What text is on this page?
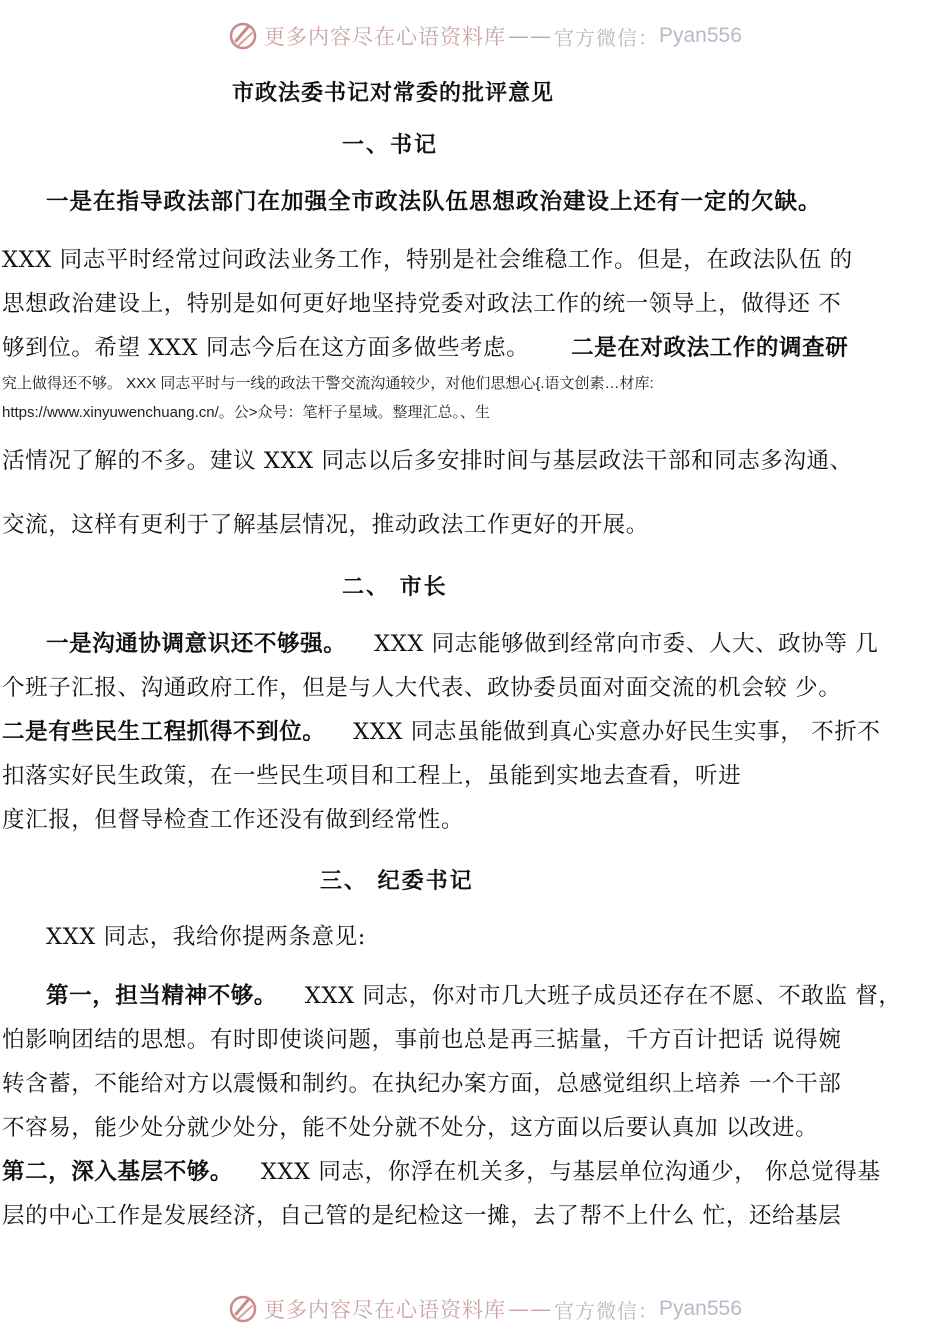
更多内容尽在心语资料库 —— 官方微信： Pyan556
市政法委书记对常委的批评意见
一、书记
一是在指导政法部门在加强全市政法队伍思想政治建设上还有一定的欠缺。
XXX 同志平时经常过问政法业务工作，特别是社会维稳工作。但是，在政法队伍 的
思想政治建设上，特别是如何更好地坚持党委对政法工作的统一领导上，做得还 不
够到位。希望 XXX 同志今后在这方面多做些考虑。 二是在对政法工作的调查研
究上做得还不够。 XXX 同志平时与一线的政法干警交流沟通较少，对他们思想心{.语文创素…材库:
https://www.xinyuwenchuang.cn/。公>众号：笔杆子星域。整理汇总。、生
活情况了解的不多。建议 XXX 同志以后多安排时间与基层政法干部和同志多沟通、
交流，这样有更利于了解基层情况，推动政法工作更好的开展。
二、 市长
一是沟通协调意识还不够强。 XXX 同志能够做到经常向市委、人大、政协等 几
个班子汇报、沟通政府工作，但是与人大代表、政协委员面对面交流的机会较 少。
二是有些民生工程抓得不到位。 XXX 同志虽能做到真心实意办好民生实事， 不折不
扣落实好民生政策，在一些民生项目和工程上，虽能到实地去查看，听进
度汇报，但督导检查工作还没有做到经常性。
三、 纪委书记
XXX 同志，我给你提两条意见:
第一，担当精神不够。 XXX 同志，你对市几大班子成员还存在不愿、不敢监 督，
怕影响团结的思想。有时即使谈问题，事前也总是再三掂量，千方百计把话 说得婉
转含蓄，不能给对方以震慑和制约。在执纪办案方面，总感觉组织上培养 一个干部
不容易，能少处分就少处分，能不处分就不处分，这方面以后要认真加 以改进。
第二，深入基层不够。 XXX 同志，你浮在机关多，与基层单位沟通少， 你总觉得基
层的中心工作是发展经济，自己管的是纪检这一摊，去了帮不上什么 忙，还给基层
更多内容尽在心语资料库 —— 官方微信： Pyan556
